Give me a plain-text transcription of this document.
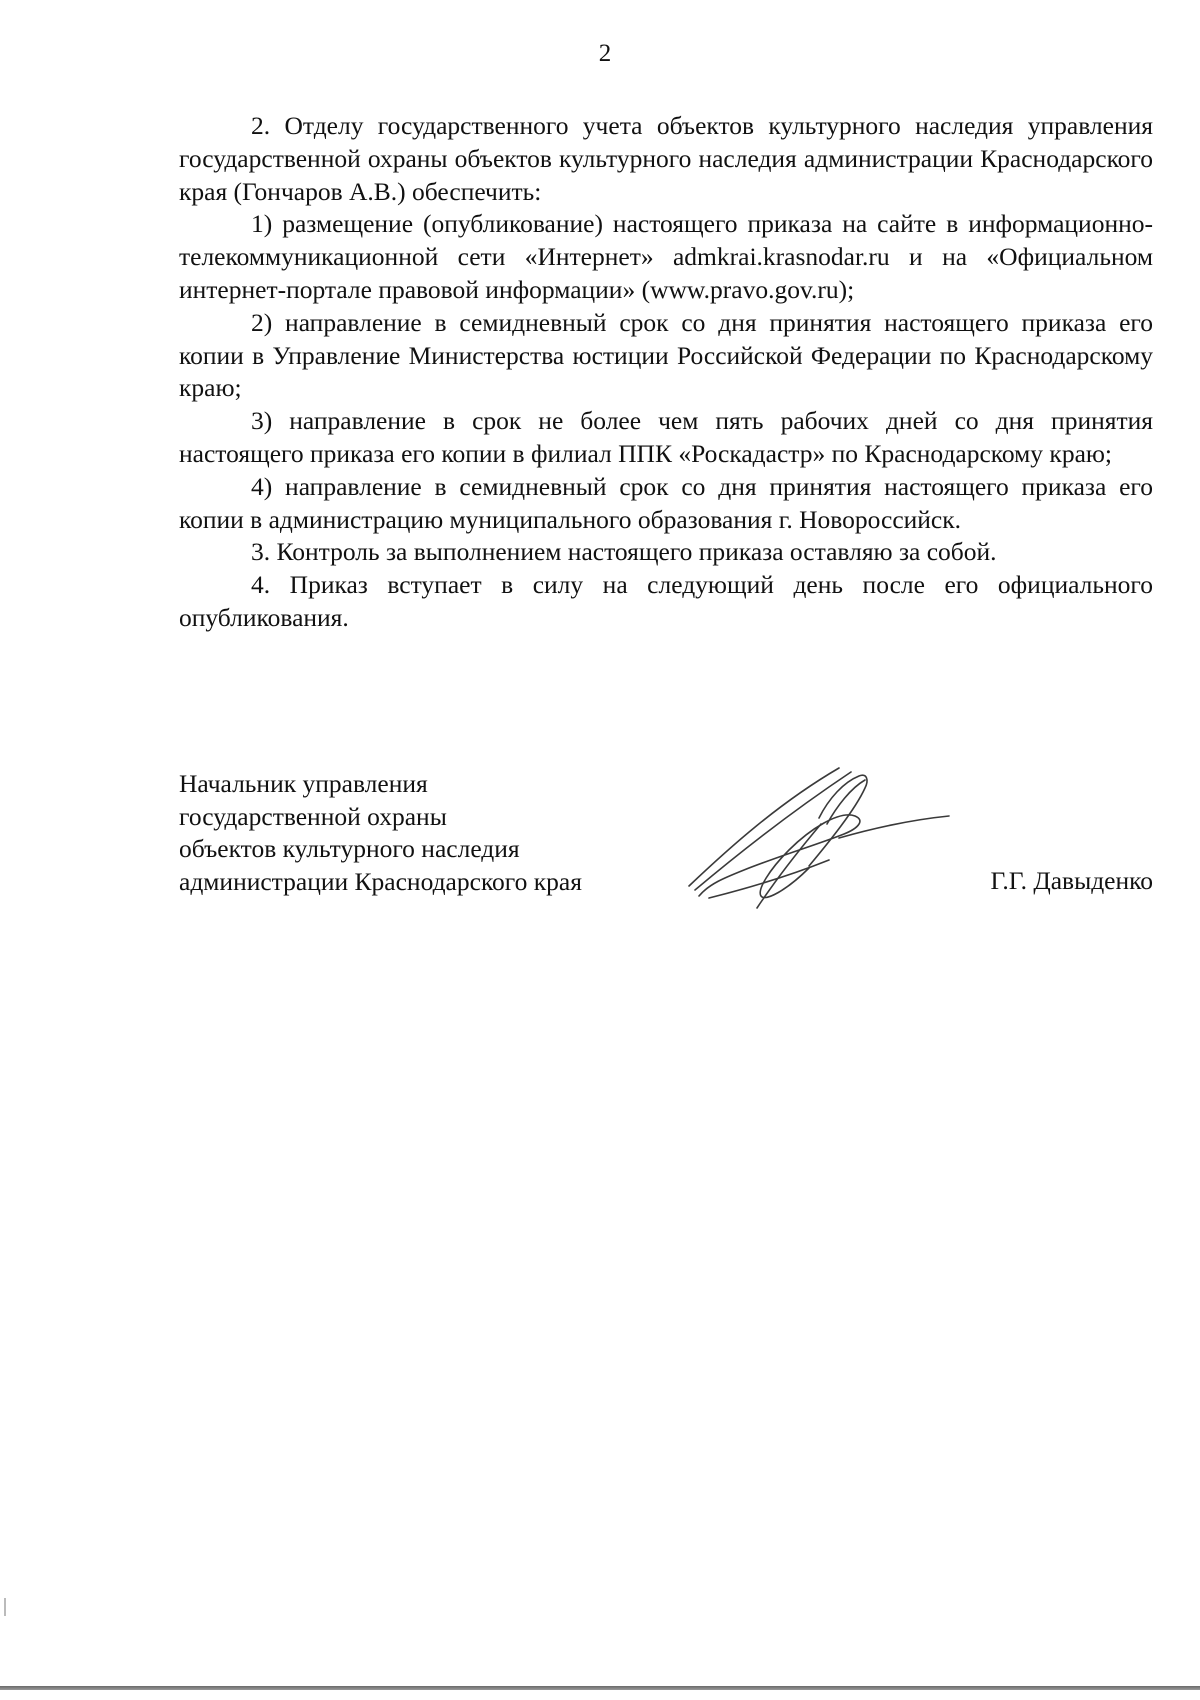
2

2. Отделу государственного учета объектов культурного наследия управления государственной охраны объектов культурного наследия администрации Краснодарского края (Гончаров А.В.) обеспечить:

1) размещение (опубликование) настоящего приказа на сайте в информационно-телекоммуникационной сети «Интернет» admkrai.krasnodar.ru и на «Официальном интернет-портале правовой информации» (www.pravo.gov.ru);

2) направление в семидневный срок со дня принятия настоящего приказа его копии в Управление Министерства юстиции Российской Федерации по Краснодарскому краю;

3) направление в срок не более чем пять рабочих дней со дня принятия настоящего приказа его копии в филиал ППК «Роскадастр» по Краснодарскому краю;

4) направление в семидневный срок со дня принятия настоящего приказа его копии в администрацию муниципального образования г. Новороссийск.

3. Контроль за выполнением настоящего приказа оставляю за собой.

4. Приказ вступает в силу на следующий день после его официального опубликования.

Начальник управления
государственной охраны
объектов культурного наследия
администрации Краснодарского края	Г.Г. Давыденко
